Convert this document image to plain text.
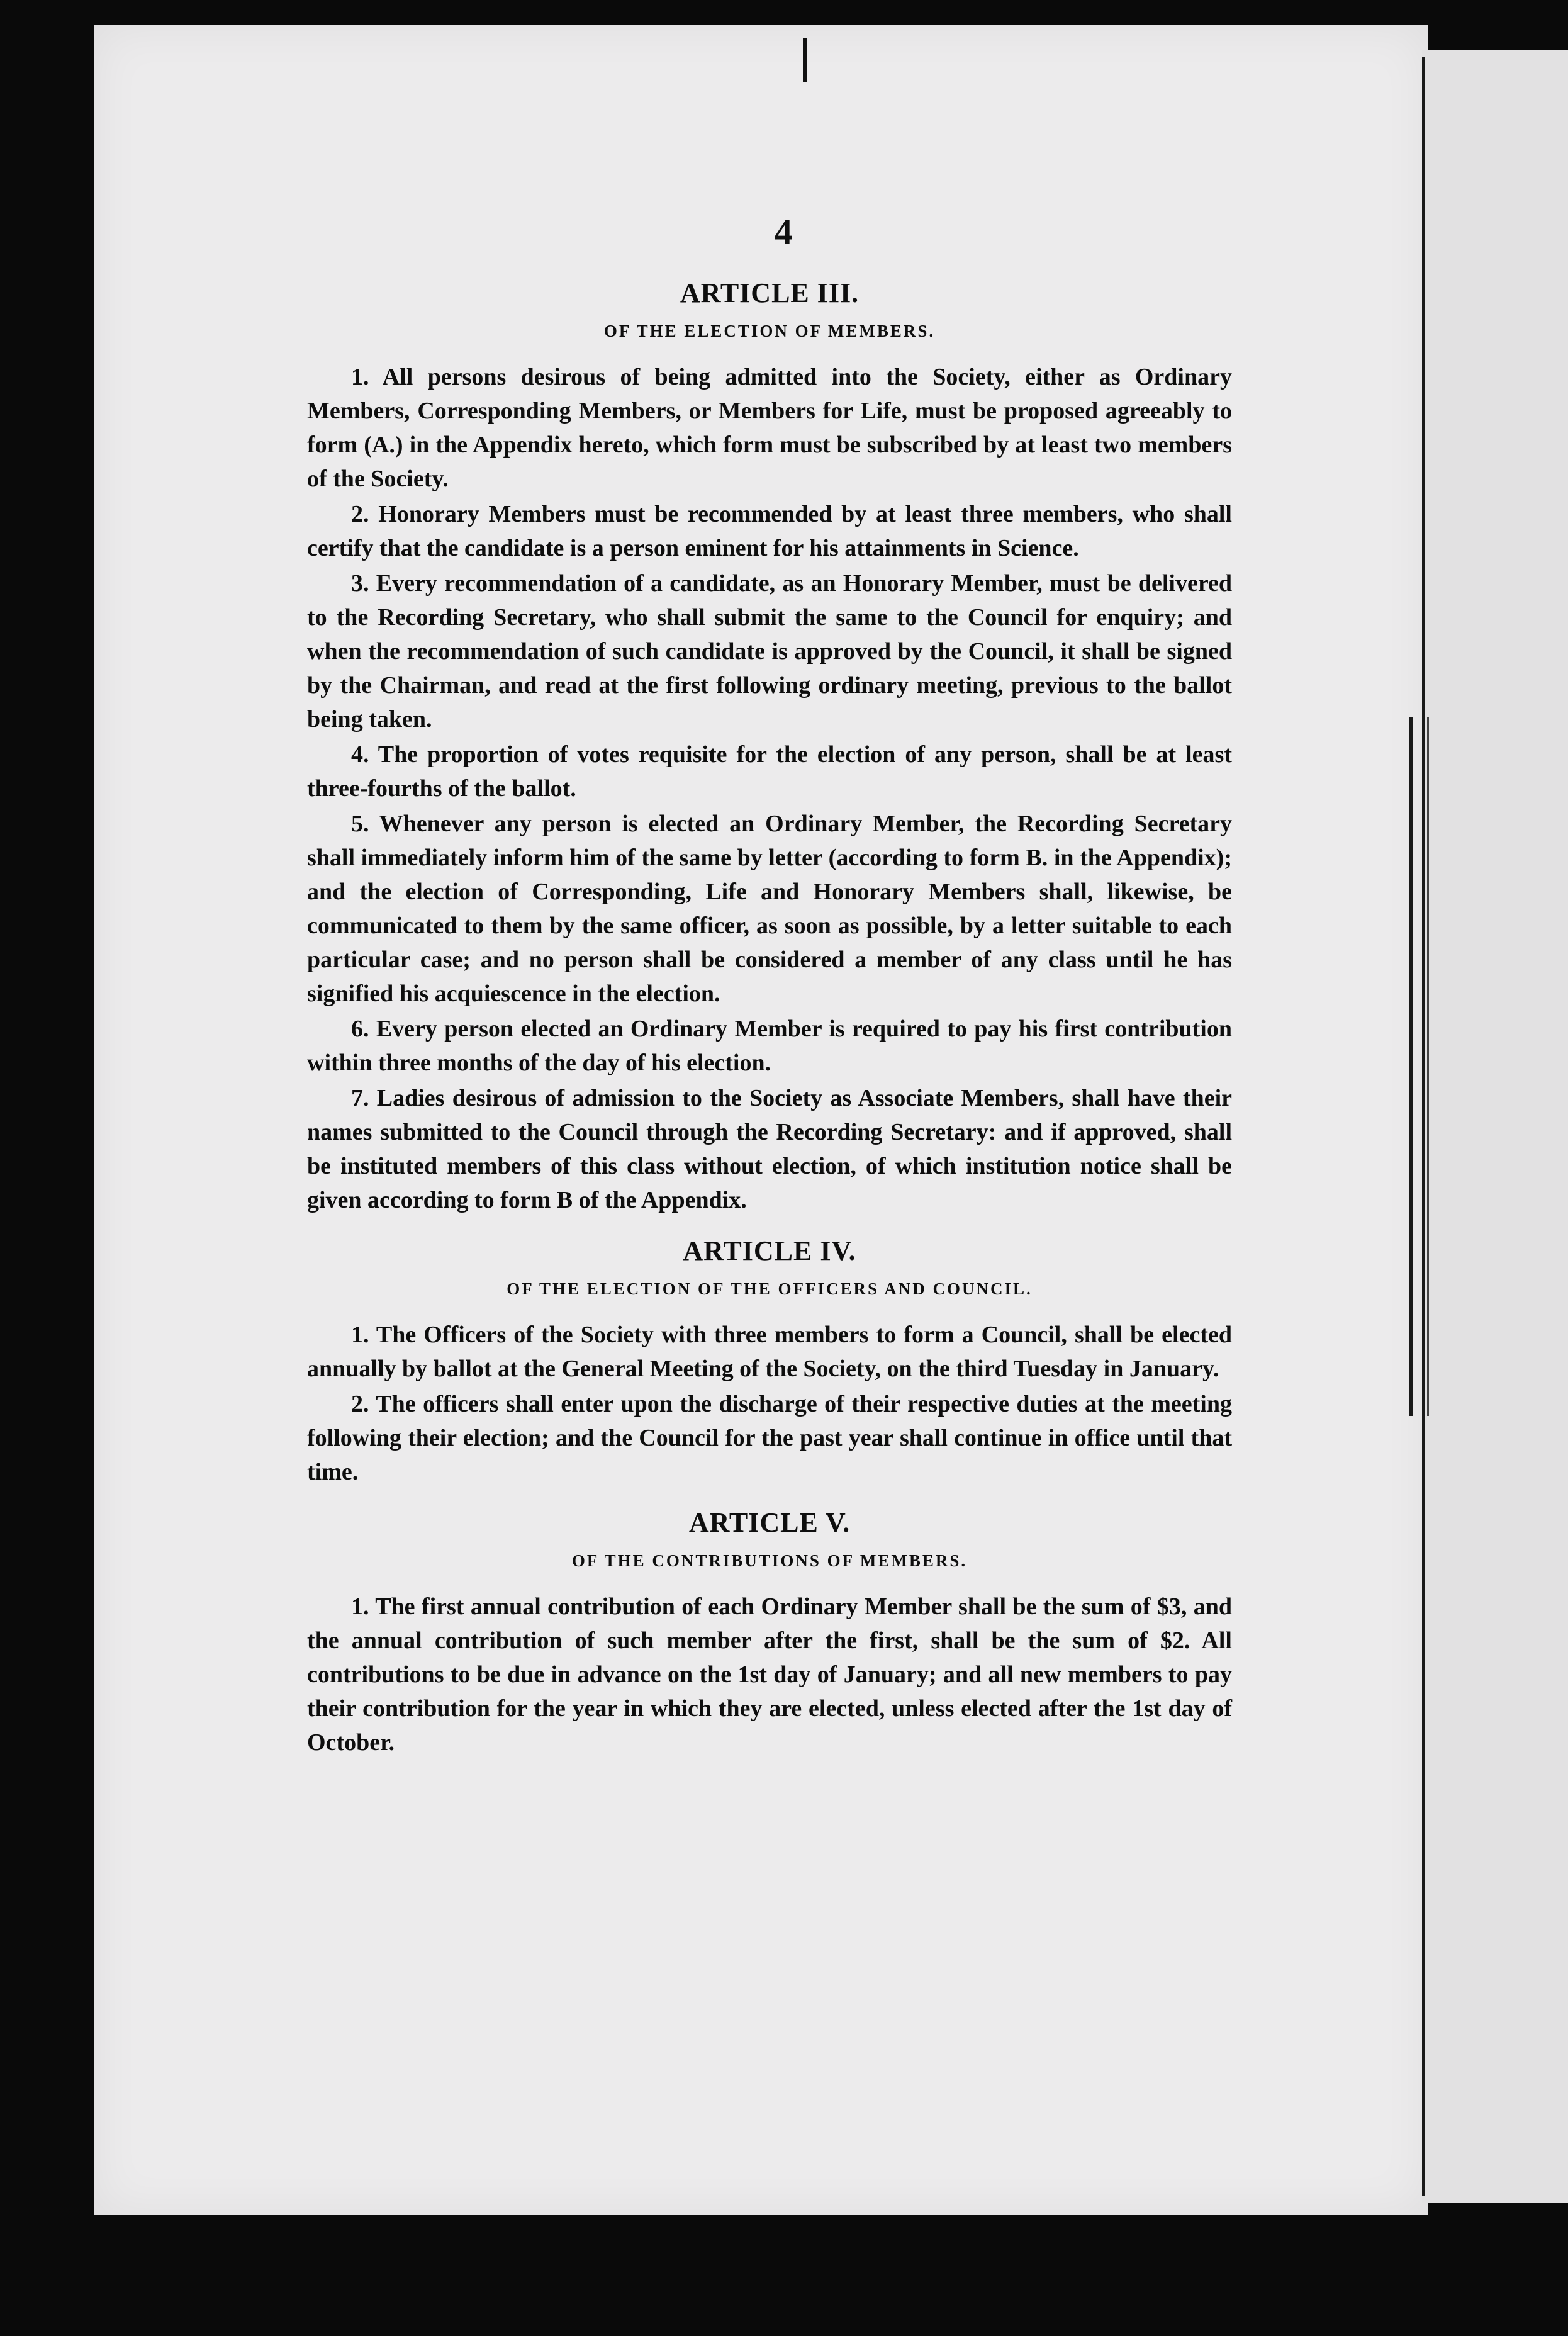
4
ARTICLE III.
OF THE ELECTION OF MEMBERS.

1. All persons desirous of being admitted into the Society, either as Ordinary Members, Corresponding Members, or Members for Life, must be proposed agreeably to form (A.) in the Appendix hereto, which form must be subscribed by at least two members of the Society.

2. Honorary Members must be recommended by at least three members, who shall certify that the candidate is a person eminent for his attainments in Science.

3. Every recommendation of a candidate, as an Honorary Member, must be delivered to the Recording Secretary, who shall submit the same to the Council for enquiry; and when the recommendation of such candidate is approved by the Council, it shall be signed by the Chairman, and read at the first following ordinary meeting, previous to the ballot being taken.

4. The proportion of votes requisite for the election of any person, shall be at least three-fourths of the ballot.

5. Whenever any person is elected an Ordinary Member, the Recording Secretary shall immediately inform him of the same by letter (according to form B. in the Appendix); and the election of Corresponding, Life and Honorary Members shall, likewise, be communicated to them by the same officer, as soon as possible, by a letter suitable to each particular case; and no person shall be considered a member of any class until he has signified his acquiescence in the election.

6. Every person elected an Ordinary Member is required to pay his first contribution within three months of the day of his election.

7. Ladies desirous of admission to the Society as Associate Members, shall have their names submitted to the Council through the Recording Secretary: and if approved, shall be instituted members of this class without election, of which institution notice shall be given according to form B of the Appendix.

ARTICLE IV.
OF THE ELECTION OF THE OFFICERS AND COUNCIL.

1. The Officers of the Society with three members to form a Council, shall be elected annually by ballot at the General Meeting of the Society, on the third Tuesday in January.

2. The officers shall enter upon the discharge of their respective duties at the meeting following their election; and the Council for the past year shall continue in office until that time.

ARTICLE V.
OF THE CONTRIBUTIONS OF MEMBERS.

1. The first annual contribution of each Ordinary Member shall be the sum of $3, and the annual contribution of such member after the first, shall be the sum of $2. All contributions to be due in advance on the 1st day of January; and all new members to pay their contribution for the year in which they are elected, unless elected after the 1st day of October.
